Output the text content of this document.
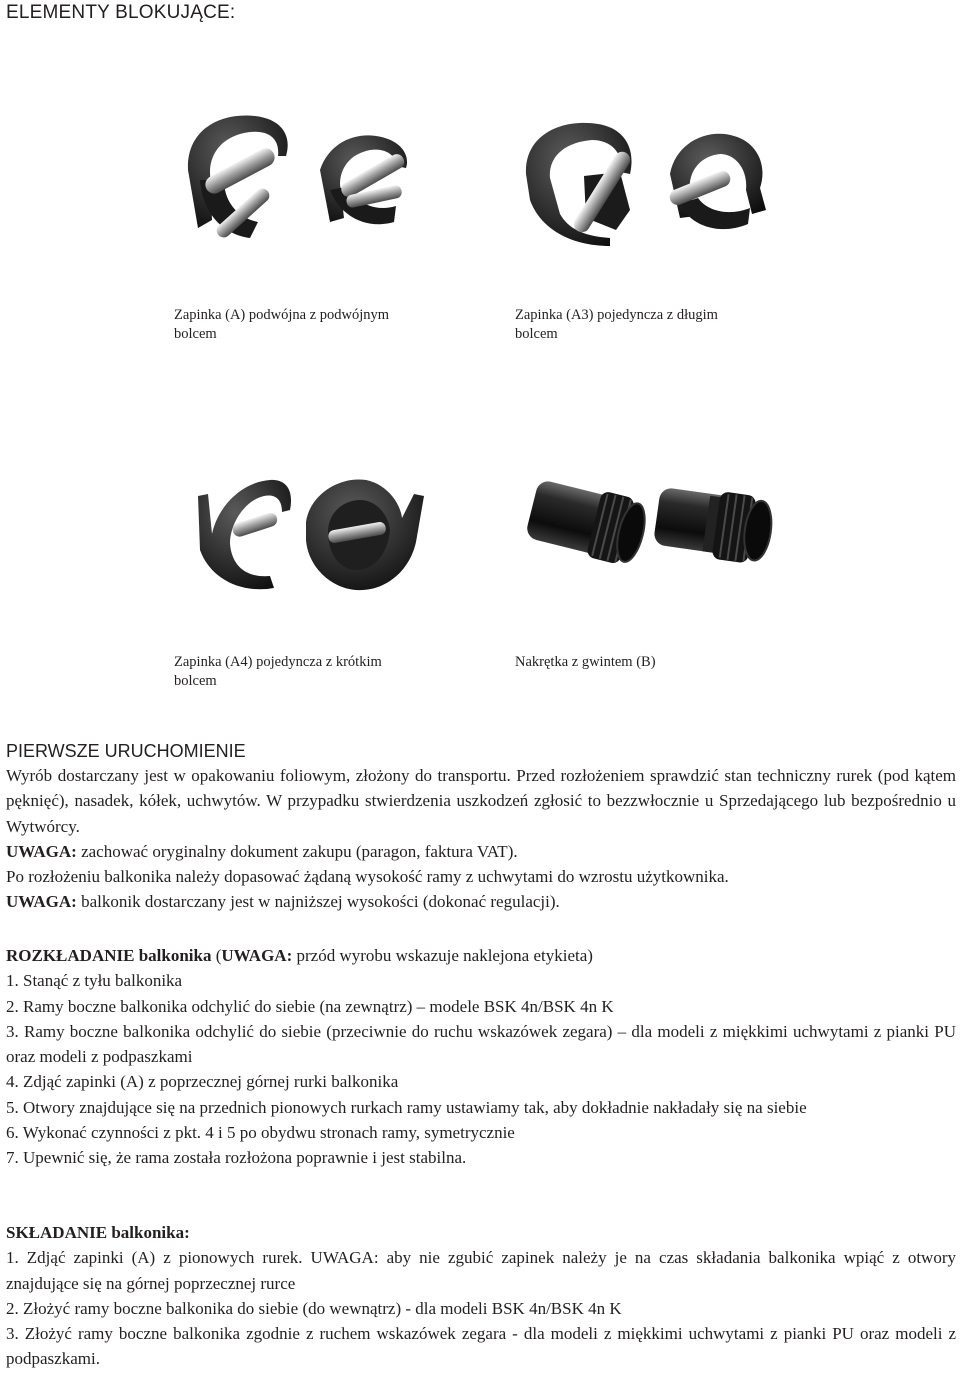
ELEMENTY BLOKUJĄCE:
Zapinka (A) podwójna z podwójnym
bolcem
Zapinka (A3) pojedyncza z długim
bolcem
Zapinka (A4) pojedyncza z krótkim
bolcem
Nakrętka z gwintem (B)
PIERWSZE URUCHOMIENIE

Wyrób dostarczany jest w opakowaniu foliowym, złożony do transportu. Przed rozłożeniem sprawdzić stan techniczny rurek (pod kątem pęknięć), nasadek, kółek, uchwytów. W przypadku stwierdzenia uszkodzeń zgłosić to bezzwłocznie u Sprzedającego lub bezpośrednio u Wytwórcy.

UWAGA: zachować oryginalny dokument zakupu (paragon, faktura VAT).

Po rozłożeniu balkonika należy dopasować żądaną wysokość ramy z uchwytami do wzrostu użytkownika.

UWAGA: balkonik dostarczany jest w najniższej wysokości (dokonać regulacji).

ROZKŁADANIE balkonika (UWAGA: przód wyrobu wskazuje naklejona etykieta)

1. Stanąć z tyłu balkonika

2. Ramy boczne balkonika odchylić do siebie (na zewnątrz) – modele BSK 4n/BSK 4n K

3. Ramy boczne balkonika odchylić do siebie (przeciwnie do ruchu wskazówek zegara) – dla modeli z miękkimi uchwytami z pianki PU oraz modeli z podpaszkami

4. Zdjąć zapinki (A) z poprzecznej górnej rurki balkonika

5. Otwory znajdujące się na przednich pionowych rurkach ramy ustawiamy tak, aby dokładnie nakładały się na siebie

6. Wykonać czynności z pkt. 4 i 5 po obydwu stronach ramy, symetrycznie

7. Upewnić się, że rama została rozłożona poprawnie i jest stabilna.

SKŁADANIE balkonika:

1. Zdjąć zapinki (A) z pionowych rurek. UWAGA: aby nie zgubić zapinek należy je na czas składania balkonika wpiąć z otwory znajdujące się na górnej poprzecznej rurce

2. Złożyć ramy boczne balkonika do siebie (do wewnątrz) - dla modeli BSK 4n/BSK 4n K

3. Złożyć ramy boczne balkonika zgodnie z ruchem wskazówek zegara - dla modeli z miękkimi uchwytami z pianki PU oraz modeli z podpaszkami.
